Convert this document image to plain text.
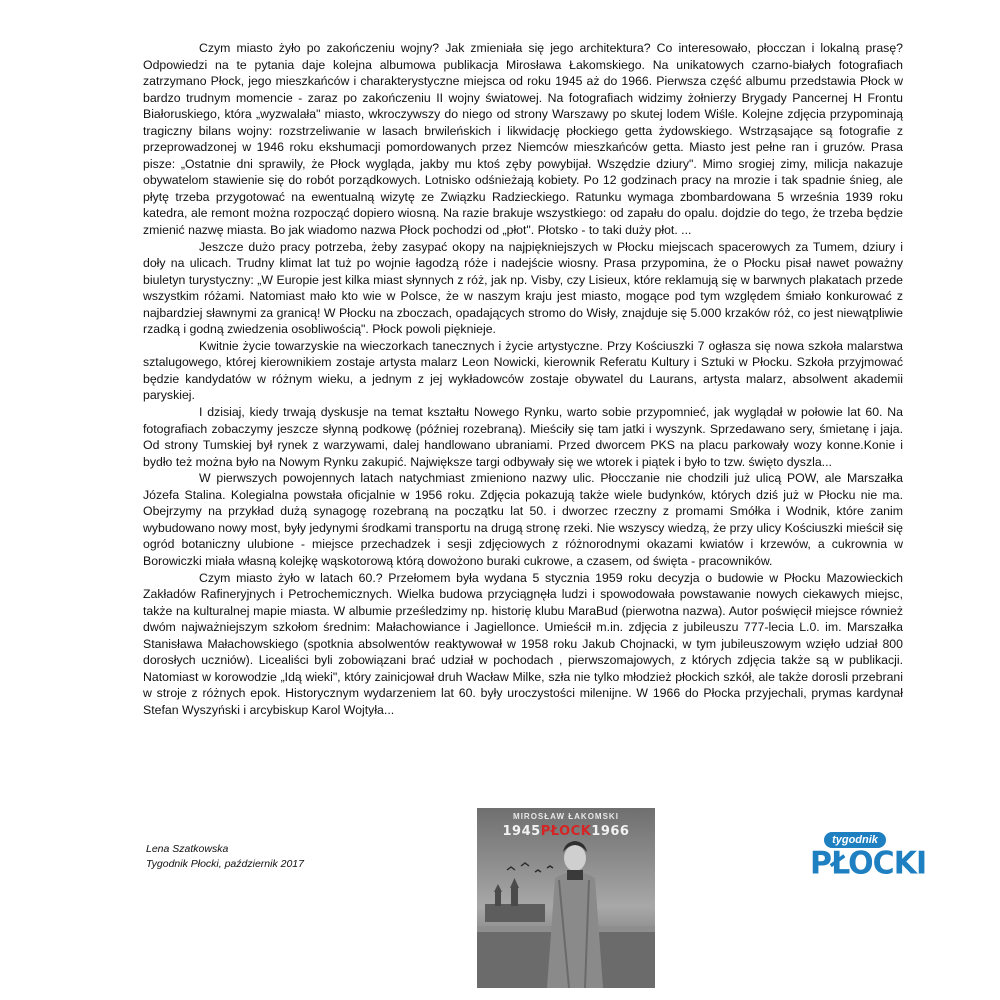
Czym miasto żyło po zakończeniu wojny? Jak zmieniała się jego architektura? Co interesowało, płocczan i lokalną prasę? Odpowiedzi na te pytania daje kolejna albumowa publikacja Mirosława Łakomskiego. Na unikatowych czarno-białych fotografiach zatrzymano Płock, jego mieszkańców i charakterystyczne miejsca od roku 1945 aż do 1966. Pierwsza część albumu przedstawia Płock w bardzo trudnym momencie - zaraz po zakończeniu II wojny światowej. Na fotografiach widzimy żołnierzy Brygady Pancernej H Frontu Białoruskiego, która „wyzwalała" miasto, wkroczywszy do niego od strony Warszawy po skutej lodem Wiśle. Kolejne zdjęcia przypominają tragiczny bilans wojny: rozstrzeliwanie w lasach brwileńskich i likwidację płockiego getta żydowskiego. Wstrząsające są fotografie z przeprowadzonej w 1946 roku ekshumacji pomordowanych przez Niemców mieszkańców getta. Miasto jest pełne ran i gruzów. Prasa pisze: „Ostatnie dni sprawily, że Płock wygląda, jakby mu ktoś zęby powybijał. Wszędzie dziury". Mimo srogiej zimy, milicja nakazuje obywatelom stawienie się do robót porządkowych. Lotnisko odśnieżają kobiety. Po 12 godzinach pracy na mrozie i tak spadnie śnieg, ale płytę trzeba przygotować na ewentualną wizytę ze Związku Radzieckiego. Ratunku wymaga zbombardowana 5 września 1939 roku katedra, ale remont można rozpocząć dopiero wiosną. Na razie brakuje wszystkiego: od zapału do opalu. dojdzie do tego, że trzeba będzie zmienić nazwę miasta. Bo jak wiadomo nazwa Płock pochodzi od „płot". Płotsko - to taki duży płot. ...

Jeszcze dużo pracy potrzeba, żeby zasypać okopy na najpiękniejszych w Płocku miejscach spacerowych za Tumem, dziury i doły na ulicach. Trudny klimat lat tuż po wojnie łagodzą róże i nadejście wiosny. Prasa przypomina, że o Płocku pisał nawet poważny biuletyn turystyczny: „W Europie jest kilka miast słynnych z róż, jak np. Visby, czy Lisieux, które reklamują się w barwnych plakatach przede wszystkim różami. Natomiast mało kto wie w Polsce, że w naszym kraju jest miasto, mogące pod tym względem śmiało konkurować z najbardziej sławnymi za granicą! W Płocku na zboczach, opadających stromo do Wisły, znajduje się 5.000 krzaków róż, co jest niewątpliwie rzadką i godną zwiedzenia osobliwością". Płock powoli pięknieje.

Kwitnie życie towarzyskie na wieczorkach tanecznych i życie artystyczne. Przy Kościuszki 7 ogłasza się nowa szkoła malarstwa sztalugowego, której kierownikiem zostaje artysta malarz Leon Nowicki, kierownik Referatu Kultury i Sztuki w Płocku. Szkoła przyjmować będzie kandydatów w różnym wieku, a jednym z jej wykładowców zostaje obywatel du Laurans, artysta malarz, absolwent akademii paryskiej.

I dzisiaj, kiedy trwają dyskusje na temat kształtu Nowego Rynku, warto sobie przypomnieć, jak wyglądał w połowie lat 60. Na fotografiach zobaczymy jeszcze słynną podkowę (później rozebraną). Mieściły się tam jatki i wyszynk. Sprzedawano sery, śmietanę i jaja. Od strony Tumskiej był rynek z warzywami, dalej handlowano ubraniami. Przed dworcem PKS na placu parkowały wozy konne.Konie i bydło też można było na Nowym Rynku zakupić. Największe targi odbywały się we wtorek i piątek i było to tzw. święto dyszla...

W pierwszych powojennych latach natychmiast zmieniono nazwy ulic. Płocczanie nie chodzili już ulicą POW, ale Marszałka Józefa Stalina. Kolegialna powstała oficjalnie w 1956 roku. Zdjęcia pokazują także wiele budynków, których dziś już w Płocku nie ma. Obejrzymy na przykład dużą synagogę rozebraną na początku lat 50. i dworzec rzeczny z promami Smółka i Wodnik, które zanim wybudowano nowy most, były jedynymi środkami transportu na drugą stronę rzeki. Nie wszyscy wiedzą, że przy ulicy Kościuszki mieścił się ogród botaniczny ulubione - miejsce przechadzek i sesji zdjęciowych z różnorodnymi okazami kwiatów i krzewów, a cukrownia w Borowiczki miała własną kolejkę wąskotorową którą dowożono buraki cukrowe, a czasem, od święta - pracowników.

Czym miasto żyło w latach 60.? Przełomem była wydana 5 stycznia 1959 roku decyzja o budowie w Płocku Mazowieckich Zakładów Rafineryjnych i Petrochemicznych. Wielka budowa przyciągnęła ludzi i spowodowała powstawanie nowych ciekawych miejsc, także na kulturalnej mapie miasta. W albumie prześledzimy np. historię klubu MaraBud (pierwotna nazwa). Autor poświęcił miejsce również dwóm najważniejszym szkołom średnim: Małachowiance i Jagiellonce. Umieścił m.in. zdjęcia z jubileuszu 777-lecia L.0. im. Marszałka Stanisława Małachowskiego (spotknia absolwentów reaktywował w 1958 roku Jakub Chojnacki, w tym jubileuszowym wzięło udział 800 dorosłych uczniów). Licealiści byli zobowiązani brać udział w pochodach , pierwszomajowych, z których zdjęcia także są w publikacji. Natomiast w korowodzie „Idą wieki", który zainicjował druh Wacław Milke, szła nie tylko młodzież płockich szkół, ale także dorosli przebrani w stroje z różnych epok. Historycznym wydarzeniem lat 60. były uroczystości milenijne. W 1966 do Płocka przyjechali, prymas kardynał Stefan Wyszyński i arcybiskup Karol Wojtyła...

Lena Szatkowska
Tygodnik Płocki, październik 2017
MIROSŁAW ŁAKOMSKI
1945PŁOCK1966
tygodnik
PŁOCKI
